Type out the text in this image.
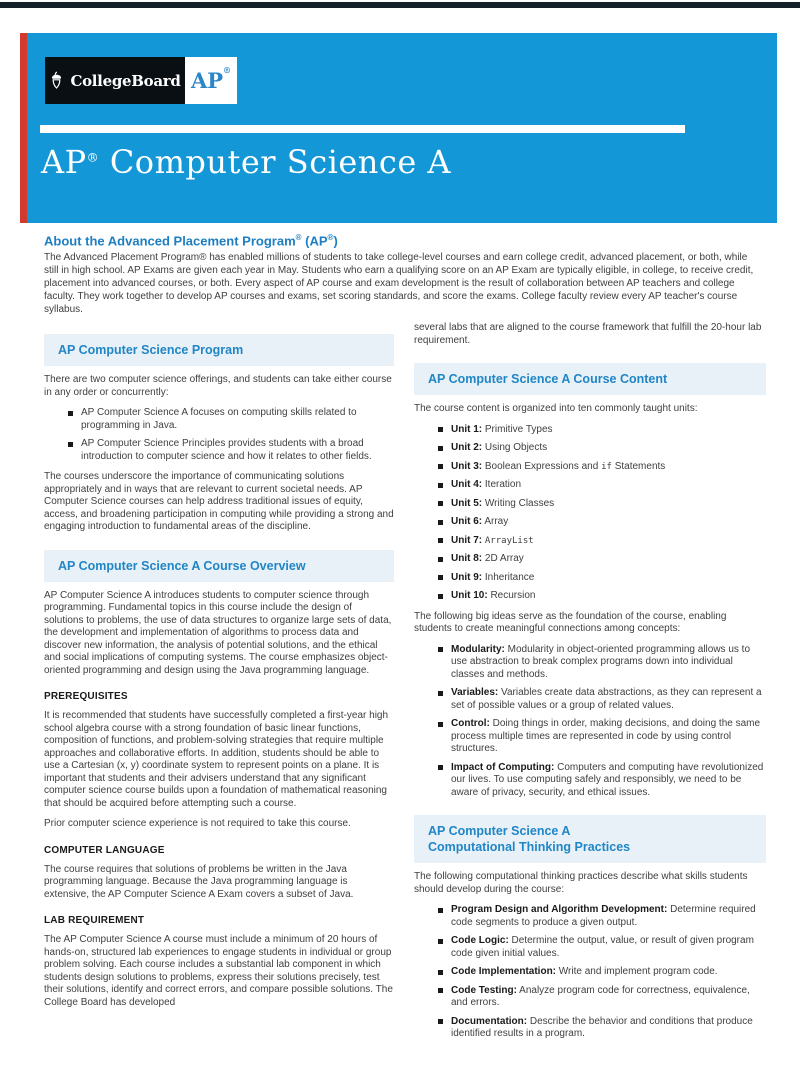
CollegeBoard AP®
AP® Computer Science A
About the Advanced Placement Program® (AP®)

The Advanced Placement Program® has enabled millions of students to take college-level courses and earn college credit, advanced placement, or both, while still in high school. AP Exams are given each year in May. Students who earn a qualifying score on an AP Exam are typically eligible, in college, to receive credit, placement into advanced courses, or both. Every aspect of AP course and exam development is the result of collaboration between AP teachers and college faculty. They work together to develop AP courses and exams, set scoring standards, and score the exams. College faculty review every AP teacher's course syllabus.

AP Computer Science Program

There are two computer science offerings, and students can take either course in any order or concurrently:

AP Computer Science A focuses on computing skills related to programming in Java.
AP Computer Science Principles provides students with a broad introduction to computer science and how it relates to other fields.

The courses underscore the importance of communicating solutions appropriately and in ways that are relevant to current societal needs. AP Computer Science courses can help address traditional issues of equity, access, and broadening participation in computing while providing a strong and engaging introduction to fundamental areas of the discipline.

AP Computer Science A Course Overview

AP Computer Science A introduces students to computer science through programming. Fundamental topics in this course include the design of solutions to problems, the use of data structures to organize large sets of data, the development and implementation of algorithms to process data and discover new information, the analysis of potential solutions, and the ethical and social implications of computing systems. The course emphasizes object-oriented programming and design using the Java programming language.

PREREQUISITES

It is recommended that students have successfully completed a first-year high school algebra course with a strong foundation of basic linear functions, composition of functions, and problem-solving strategies that require multiple approaches and collaborative efforts. In addition, students should be able to use a Cartesian (x, y) coordinate system to represent points on a plane. It is important that students and their advisers understand that any significant computer science course builds upon a foundation of mathematical reasoning that should be acquired before attempting such a course.

Prior computer science experience is not required to take this course.

COMPUTER LANGUAGE

The course requires that solutions of problems be written in the Java programming language. Because the Java programming language is extensive, the AP Computer Science A Exam covers a subset of Java.

LAB REQUIREMENT

The AP Computer Science A course must include a minimum of 20 hours of hands-on, structured lab experiences to engage students in individual or group problem solving. Each course includes a substantial lab component in which students design solutions to problems, express their solutions precisely, test their solutions, identify and correct errors, and compare possible solutions. The College Board has developed

several labs that are aligned to the course framework that fulfill the 20-hour lab requirement.

AP Computer Science A Course Content

The course content is organized into ten commonly taught units:

Unit 1: Primitive Types
Unit 2: Using Objects
Unit 3: Boolean Expressions and if Statements
Unit 4: Iteration
Unit 5: Writing Classes
Unit 6: Array
Unit 7: ArrayList
Unit 8: 2D Array
Unit 9: Inheritance
Unit 10: Recursion

The following big ideas serve as the foundation of the course, enabling students to create meaningful connections among concepts:

Modularity: Modularity in object-oriented programming allows us to use abstraction to break complex programs down into individual classes and methods.
Variables: Variables create data abstractions, as they can represent a set of possible values or a group of related values.
Control: Doing things in order, making decisions, and doing the same process multiple times are represented in code by using control structures.
Impact of Computing: Computers and computing have revolutionized our lives. To use computing safely and responsibly, we need to be aware of privacy, security, and ethical issues.
AP Computer Science A
Computational Thinking Practices

The following computational thinking practices describe what skills students should develop during the course:

Program Design and Algorithm Development: Determine required code segments to produce a given output.
Code Logic: Determine the output, value, or result of given program code given initial values.
Code Implementation: Write and implement program code.
Code Testing: Analyze program code for correctness, equivalence, and errors.
Documentation: Describe the behavior and conditions that produce identified results in a program.
